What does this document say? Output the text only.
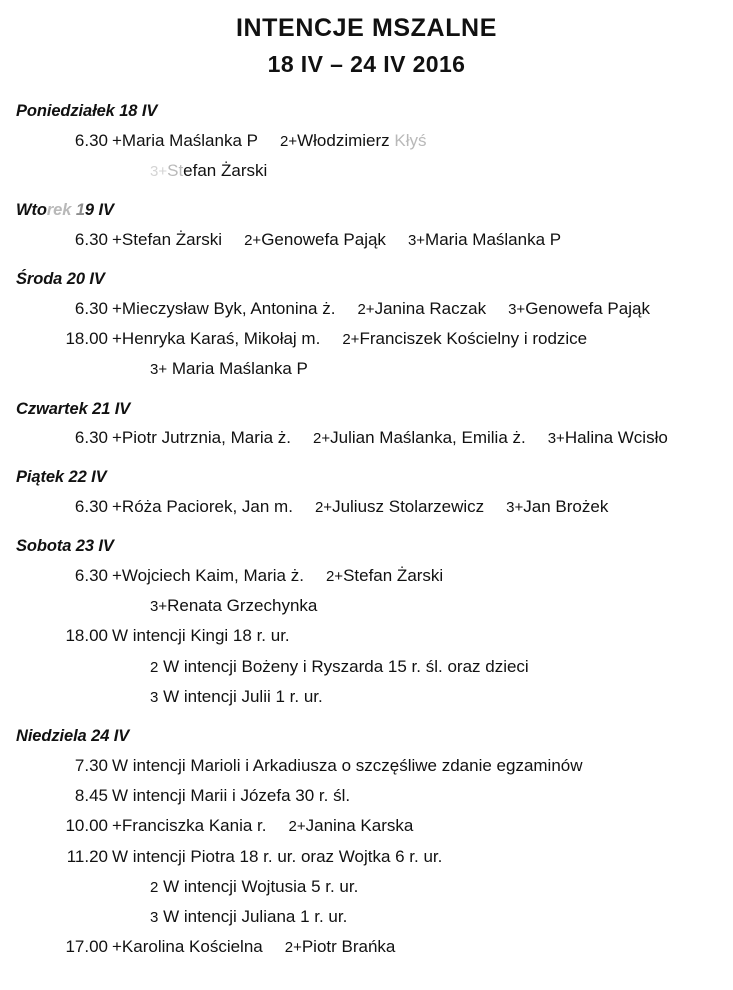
INTENCJE MSZALNE
18 IV – 24 IV 2016
Poniedziałek 18 IV
6.30 +Maria Maślanka P 2+Włodzimierz Kłyś
3+Stefan Żarski
Wtorek 19 IV
6.30 +Stefan Żarski 2+Genowefa Pająk 3+Maria Maślanka P
Środa 20 IV
6.30 +Mieczysław Byk, Antonina ż. 2+Janina Raczak 3+Genowefa Pająk
18.00 +Henryka Karaś, Mikołaj m. 2+Franciszek Kościelny i rodzice
3+ Maria Maślanka P
Czwartek 21 IV
6.30 +Piotr Jutrznia, Maria ż. 2+Julian Maślanka, Emilia ż. 3+Halina Wcisło
Piątek 22 IV
6.30 +Róża Paciorek, Jan m. 2+Juliusz Stolarzewicz 3+Jan Brożek
Sobota 23 IV
6.30 +Wojciech Kaim, Maria ż. 2+Stefan Żarski
3+Renata Grzechynka
18.00 W intencji Kingi 18 r. ur.
2 W intencji Bożeny i Ryszarda 15 r. śl. oraz dzieci
3 W intencji Julii 1 r. ur.
Niedziela 24 IV
7.30 W intencji Marioli i Arkadiusza o szczęśliwe zdanie egzaminów
8.45 W intencji Marii i Józefa 30 r. śl.
10.00 +Franciszka Kania r. 2+Janina Karska
11.20 W intencji Piotra 18 r. ur. oraz Wojtka 6 r. ur.
2 W intencji Wojtusia 5 r. ur.
3 W intencji Juliana 1 r. ur.
17.00 +Karolina Kościelna 2+Piotr Brańka
